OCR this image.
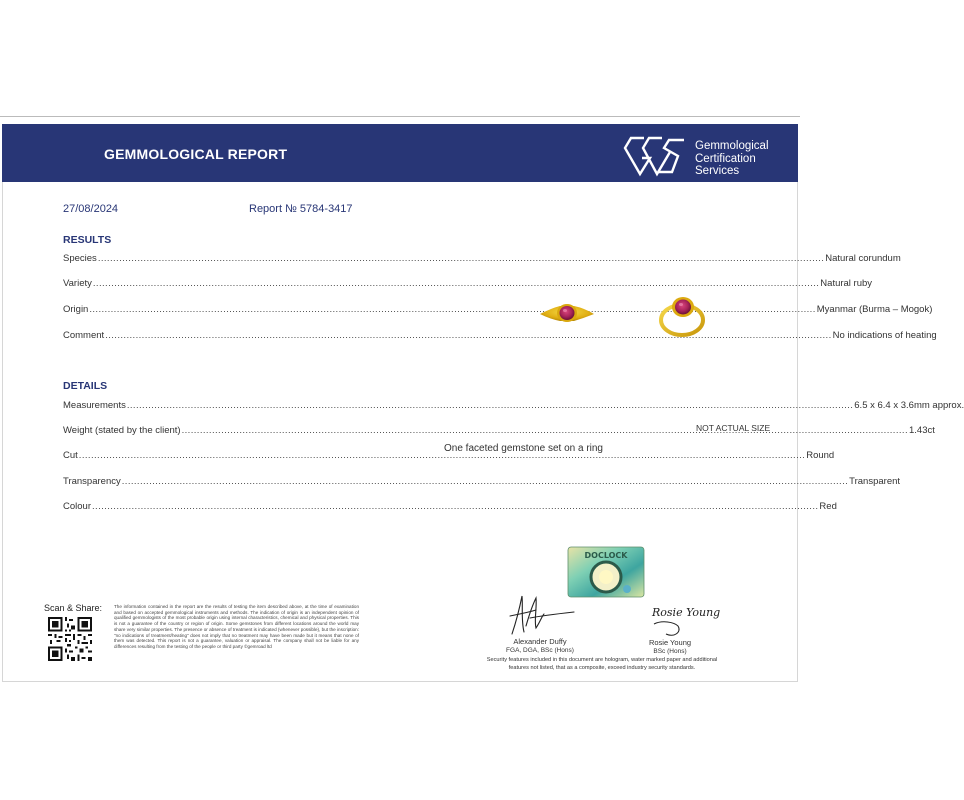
GEMMOLOGICAL REPORT	Gemmological
Certification
Services
27/08/2024	Report № 5784-3417
RESULTS
Species .....	Natural corundum
Variety .....	Natural ruby
Origin .....	Myanmar (Burma – Mogok)
Comment .....	No indications of heating
DETAILS
Measurements .....	6.5 x 6.4 x 3.6mm approx.
Weight (stated by the client) .....	1.43ct
Cut .....	Round
Transparency .....	Transparent
Colour .....	Red
NOT ACTUAL SIZE
One faceted gemstone set on a ring
DOCLOCK
Scan & Share:	The information contained in the report are the results of testing the item described above, at the time of examination and based on accepted gemmological instruments and methods. The indication of origin is an independent opinion of qualified gemmologists of the most probable origin using internal characteristics, chemical and physical properties. This is not a guarantee of the country or region of origin. Some gemstones from different locations around the world may share very similar properties. The presence or absence of treatment is indicated (whenever possible), but the inscription: "no indications of treatment/heating" does not imply that no treatment may have been made but it means that none of them was detected. This report is not a guarantee, valuation or appraisal. The company shall not be liable for any differences resulting from the testing of the people or third party ©gemroad ltd
Alexander Duffy
FGA, DGA, BSc (Hons)
Rosie Young
Rosie Young
BSc (Hons)
Security features included in this document are hologram, water marked paper and additional features not listed, that as a composite, exceed industry security standards.
